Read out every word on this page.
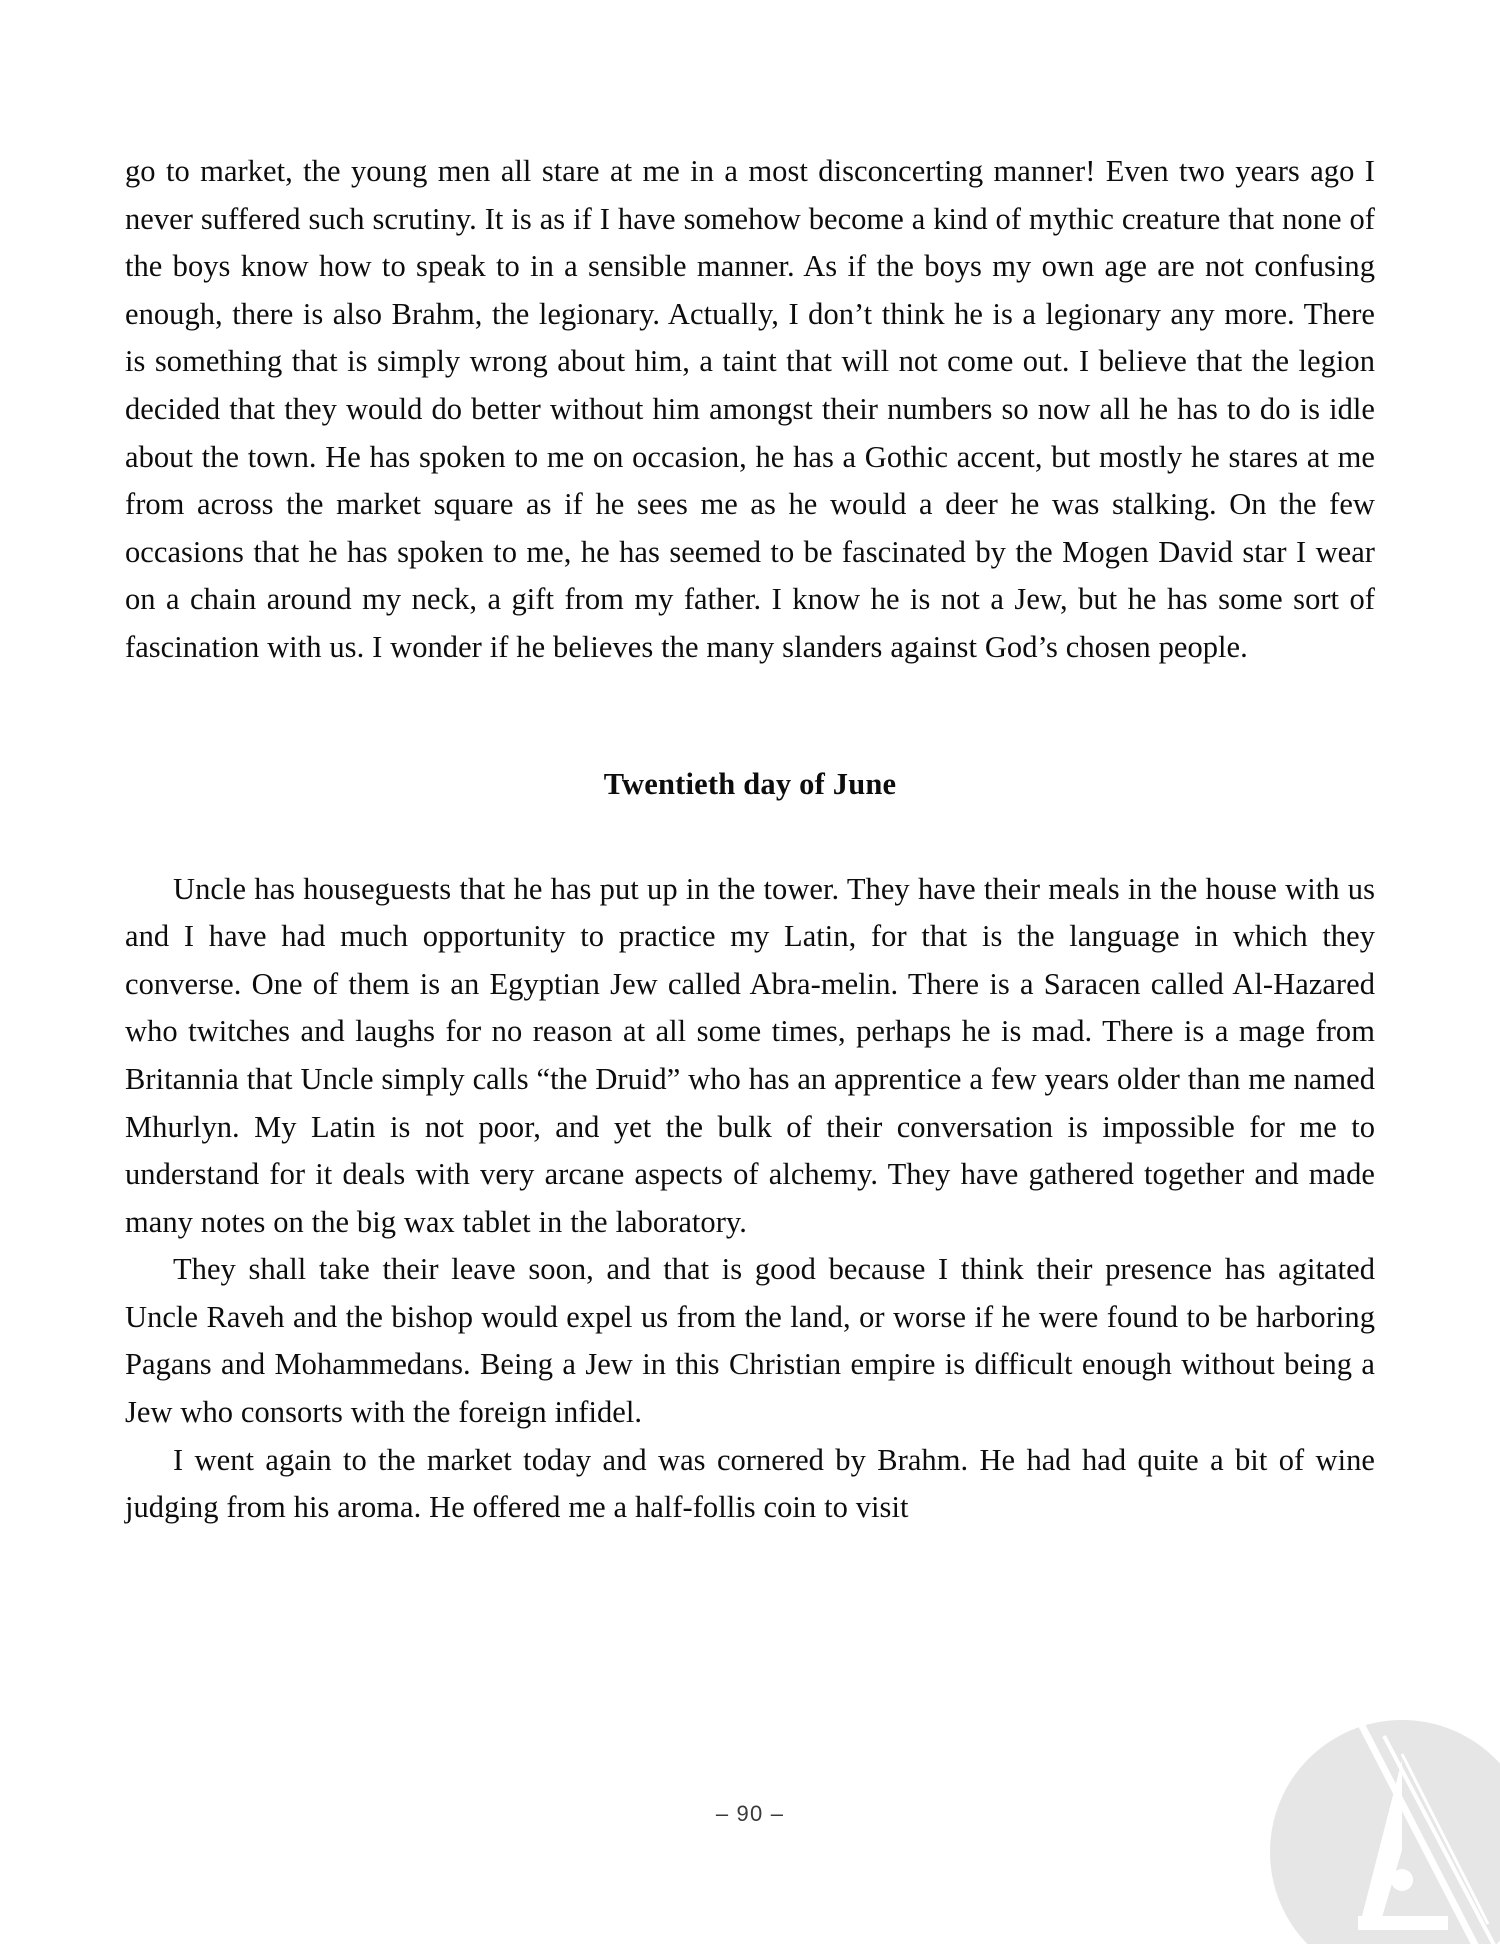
go to market, the young men all stare at me in a most disconcerting manner! Even two years ago I never suffered such scrutiny. It is as if I have somehow become a kind of mythic creature that none of the boys know how to speak to in a sensible manner. As if the boys my own age are not confusing enough, there is also Brahm, the legionary. Actually, I don’t think he is a legionary any more. There is something that is simply wrong about him, a taint that will not come out. I believe that the legion decided that they would do better without him amongst their numbers so now all he has to do is idle about the town. He has spoken to me on occasion, he has a Gothic accent, but mostly he stares at me from across the market square as if he sees me as he would a deer he was stalking. On the few occasions that he has spoken to me, he has seemed to be fascinated by the Mogen David star I wear on a chain around my neck, a gift from my father. I know he is not a Jew, but he has some sort of fascination with us. I wonder if he believes the many slanders against God’s chosen people.

Twentieth day of June

Uncle has houseguests that he has put up in the tower. They have their meals in the house with us and I have had much opportunity to practice my Latin, for that is the language in which they converse. One of them is an Egyptian Jew called Abra-melin. There is a Saracen called Al-Hazared who twitches and laughs for no reason at all some times, perhaps he is mad. There is a mage from Britannia that Uncle simply calls “the Druid” who has an apprentice a few years older than me named Mhurlyn. My Latin is not poor, and yet the bulk of their conversation is impossible for me to understand for it deals with very arcane aspects of alchemy. They have gathered together and made many notes on the big wax tablet in the laboratory.

They shall take their leave soon, and that is good because I think their presence has agitated Uncle Raveh and the bishop would expel us from the land, or worse if he were found to be harboring Pagans and Mohammedans. Being a Jew in this Christian empire is difficult enough without being a Jew who consorts with the foreign infidel.

I went again to the market today and was cornered by Brahm. He had had quite a bit of wine judging from his aroma. He offered me a half-follis coin to visit

– 90 –
